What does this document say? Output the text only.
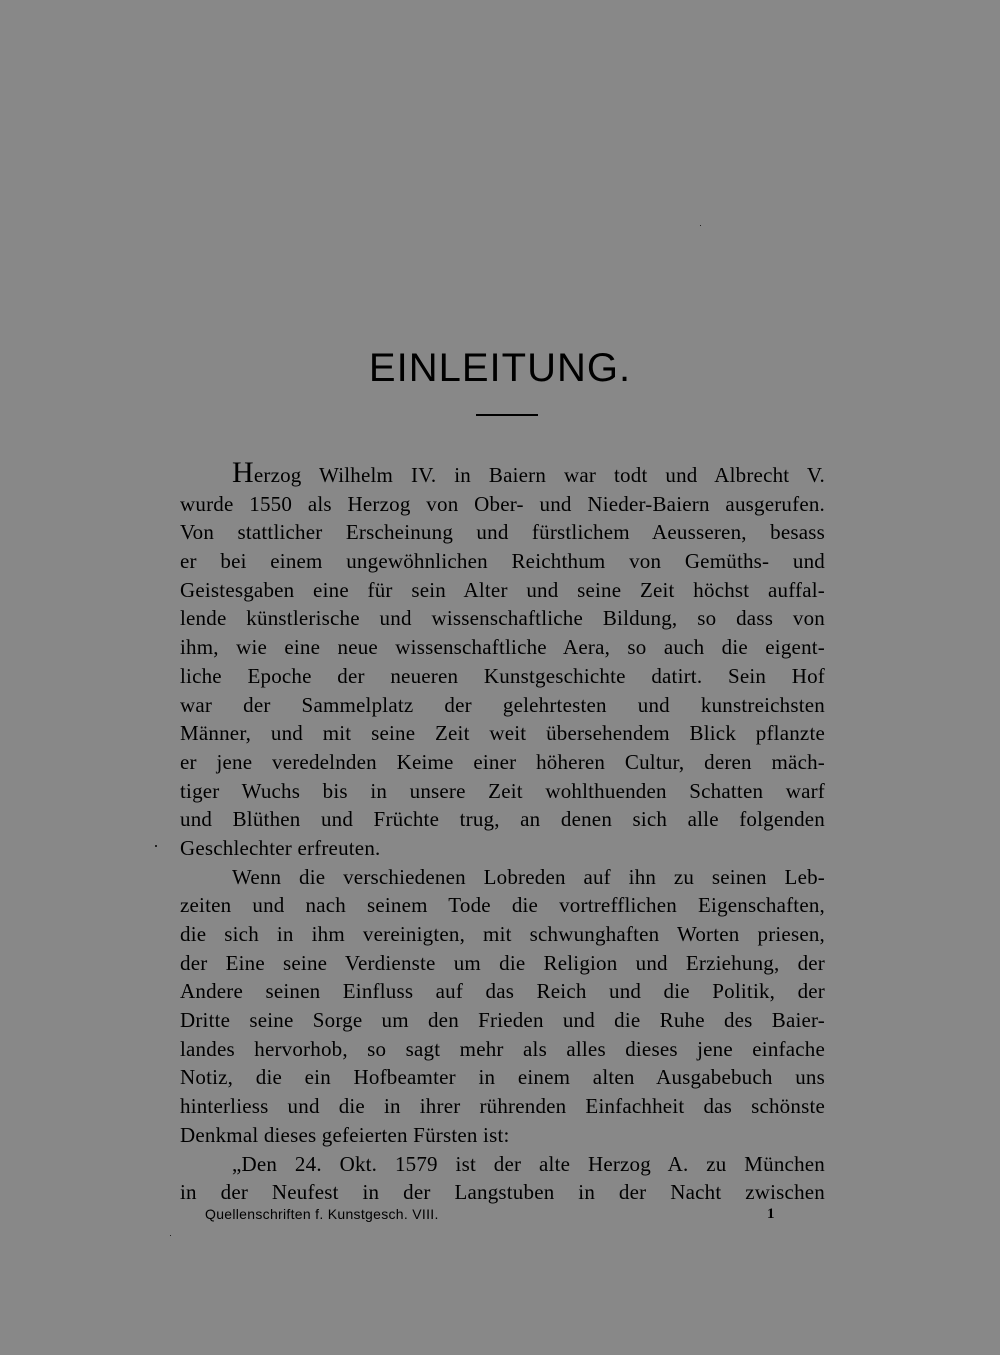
EINLEITUNG.
Herzog Wilhelm IV. in Baiern war todt und Albrecht V.
wurde 1550 als Herzog von Ober- und Nieder-Baiern ausgerufen.
Von stattlicher Erscheinung und fürstlichem Aeusseren, besass
er bei einem ungewöhnlichen Reichthum von Gemüths- und
Geistesgaben eine für sein Alter und seine Zeit höchst auffal-
lende künstlerische und wissenschaftliche Bildung, so dass von
ihm, wie eine neue wissenschaftliche Aera, so auch die eigent-
liche Epoche der neueren Kunstgeschichte datirt. Sein Hof
war der Sammelplatz der gelehrtesten und kunstreichsten
Männer, und mit seine Zeit weit übersehendem Blick pflanzte
er jene veredelnden Keime einer höheren Cultur, deren mäch-
tiger Wuchs bis in unsere Zeit wohlthuenden Schatten warf
und Blüthen und Früchte trug, an denen sich alle folgenden
Geschlechter erfreuten.
Wenn die verschiedenen Lobreden auf ihn zu seinen Leb-
zeiten und nach seinem Tode die vortrefflichen Eigenschaften,
die sich in ihm vereinigten, mit schwunghaften Worten priesen,
der Eine seine Verdienste um die Religion und Erziehung, der
Andere seinen Einfluss auf das Reich und die Politik, der
Dritte seine Sorge um den Frieden und die Ruhe des Baier-
landes hervorhob, so sagt mehr als alles dieses jene einfache
Notiz, die ein Hofbeamter in einem alten Ausgabebuch uns
hinterliess und die in ihrer rührenden Einfachheit das schönste
Denkmal dieses gefeierten Fürsten ist:
„Den 24. Okt. 1579 ist der alte Herzog A. zu München
in der Neufest in der Langstuben in der Nacht zwischen
Quellenschriften f. Kunstgesch. VIII.	1
